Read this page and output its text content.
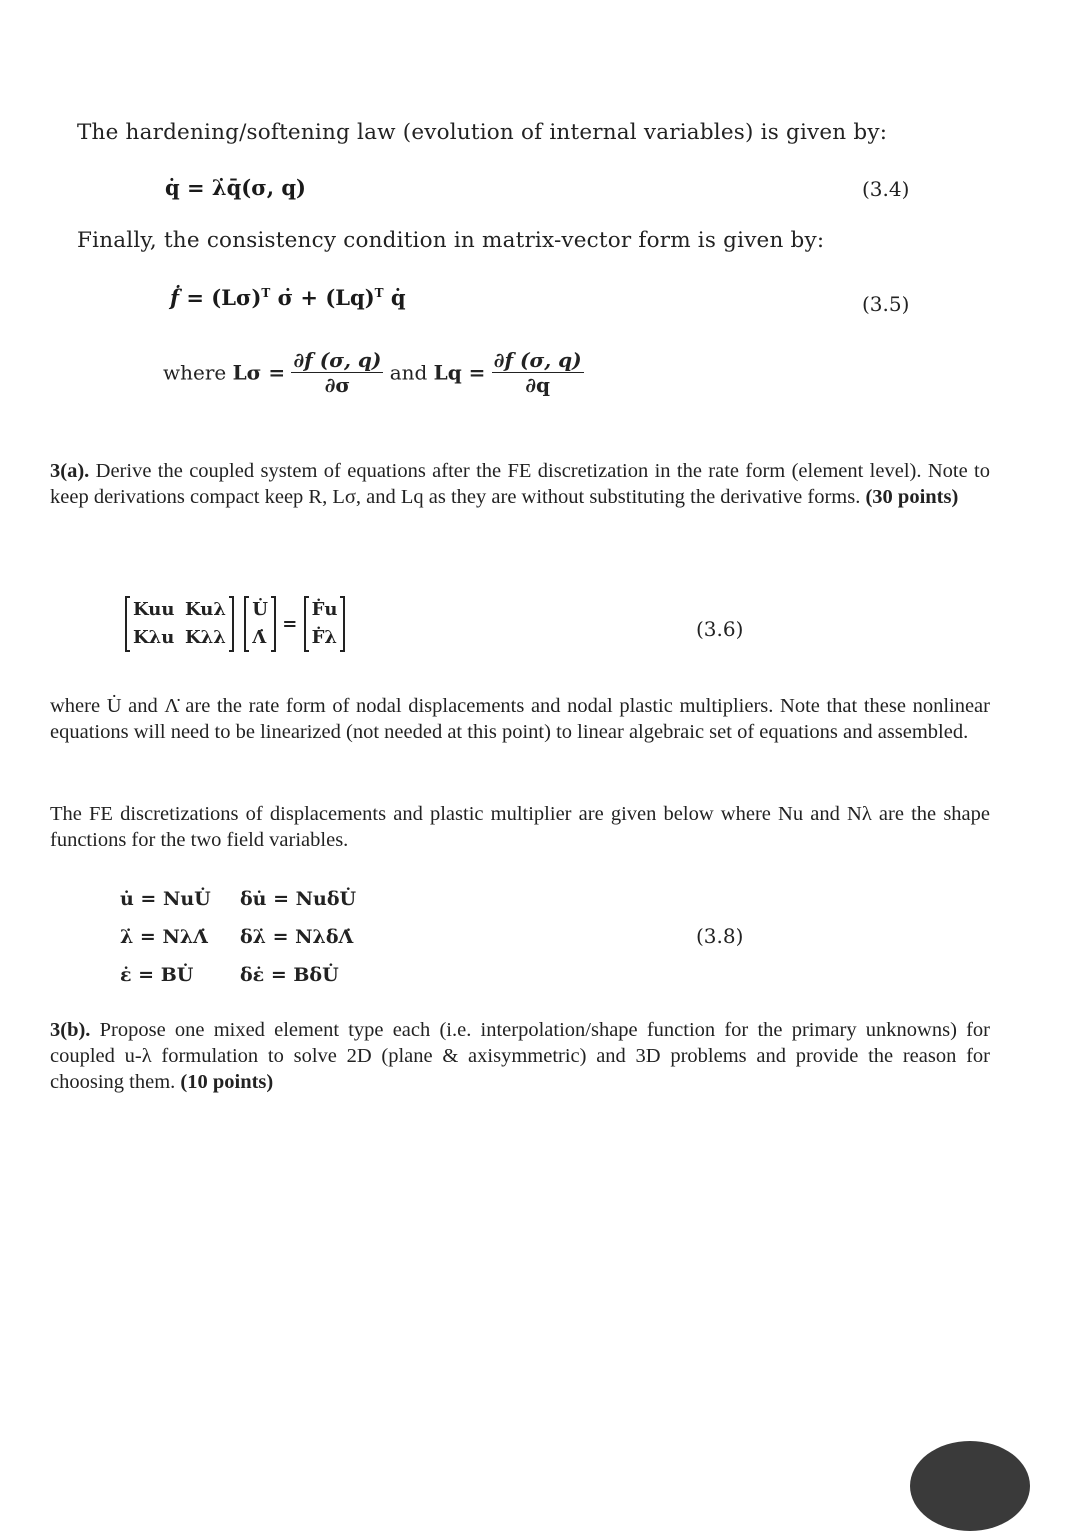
The hardening/softening law (evolution of internal variables) is given by:
q̇ = λ̇q̄(σ, q)	(3.4)
Finally, the consistency condition in matrix-vector form is given by:
ḟ = $(L\sigma)^T$ σ̇ + $(Lq)^T$ q̇	(3.5)
where $L\sigma = \frac{\partial f (\sigma, q)}{\partial\sigma}$ and $Lq = \frac{\partial f (\sigma, q)}{\partial q}$
3(a). Derive the coupled system of equations after the FE discretization in the rate form (element level). Note to keep derivations compact keep R, Lσ, and Lq as they are without substituting the derivative forms. (30 points)
Kuu Kuλ
Kλu Kλλ

U̇
Λ̇
=
Ḟu
Ḟλ	(3.6)
where U̇ and Λ̇ are the rate form of nodal displacements and nodal plastic multipliers. Note that these nonlinear equations will need to be linearized (not needed at this point) to linear algebraic set of equations and assembled.
The FE discretizations of displacements and plastic multiplier are given below where Nu and Nλ are the shape functions for the two field variables.
u̇ = NuU̇ δu̇ = NuδU̇
λ̇ = NλΛ̇ δλ̇ = NλδΛ̇
ε̇ = BU̇ δε̇ = BδU̇
(3.8)
3(b). Propose one mixed element type each (i.e. interpolation/shape function for the primary unknowns) for coupled u-λ formulation to solve 2D (plane & axisymmetric) and 3D problems and provide the reason for choosing them. (10 points)
